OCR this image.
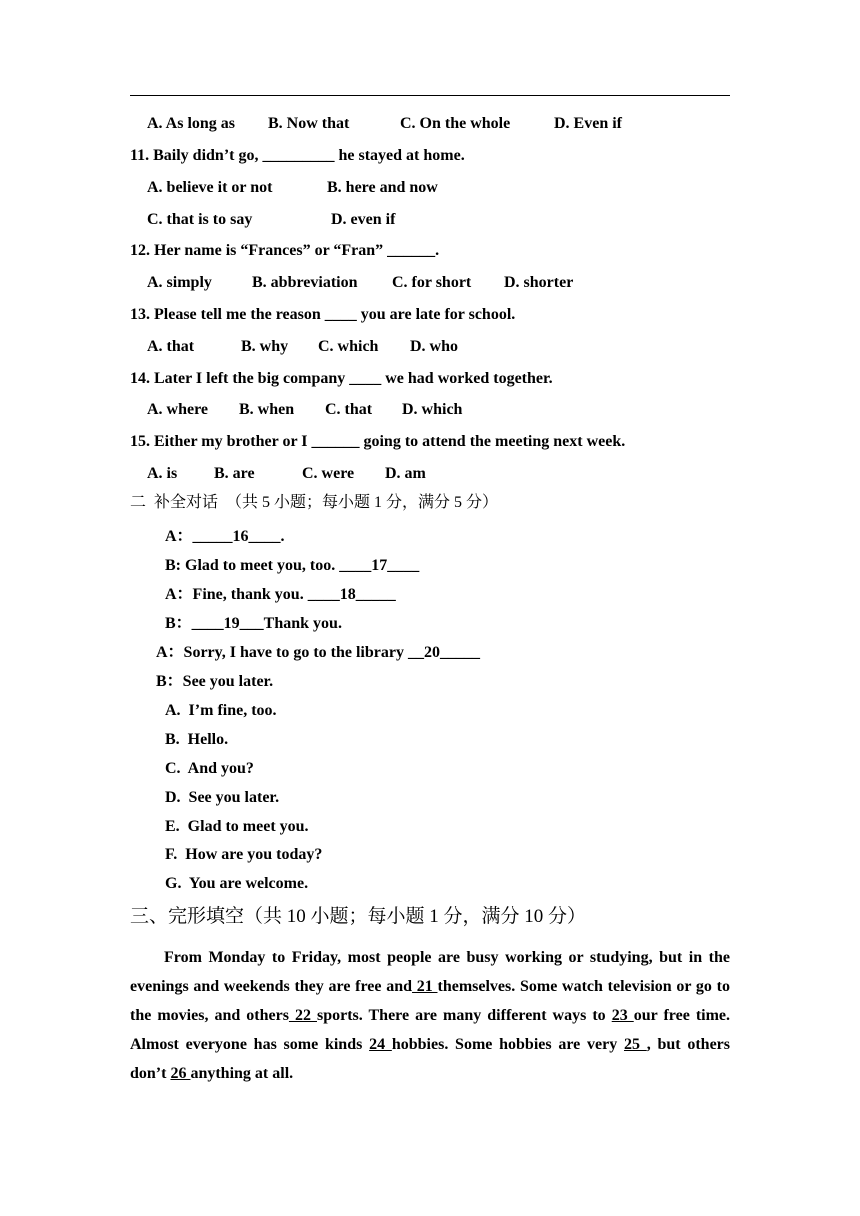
A. As long as B. Now that	C. On the whole	D. Even if
11. Baily didn’t go, _________ he stayed at home.
A. believe it or not	B. here and now
C. that is to say	D. even if
12. Her name is “Frances” or “Fran” ______.
A. simply	B. abbreviation C. for short D. shorter
13. Please tell me the reason ____ you are late for school.
A. that	B. why C. which D. who
14. Later I left the big company ____ we had worked together.
A. where B. when C. that D. which
15. Either my brother or I ______ going to attend the meeting next week.
A. is B. are	C. were D. am
二  补全对话  （共 5 小题；每小题 1 分，满分 5 分）
A：_____16____.
B: Glad to meet you, too. ____17____
A：Fine, thank you. ____18_____
B：____19___Thank you.
A：Sorry, I have to go to the library __20_____
B：See you later.
A.  I’m fine, too.
B.  Hello.
C.  And you?
D.  See you later.
E.  Glad to meet you.
F.  How are you today?
G.  You are welcome.
三、完形填空（共 10 小题；每小题 1 分，满分 10 分）
From Monday to Friday, most people are busy working or studying, but in the evenings and weekends they are free and 21 themselves. Some watch television or go to the movies, and others 22 sports. There are many different ways to 23 our free time. Almost everyone has some kinds 24 hobbies. Some hobbies are very 25 , but others don’t 26 anything at all.
